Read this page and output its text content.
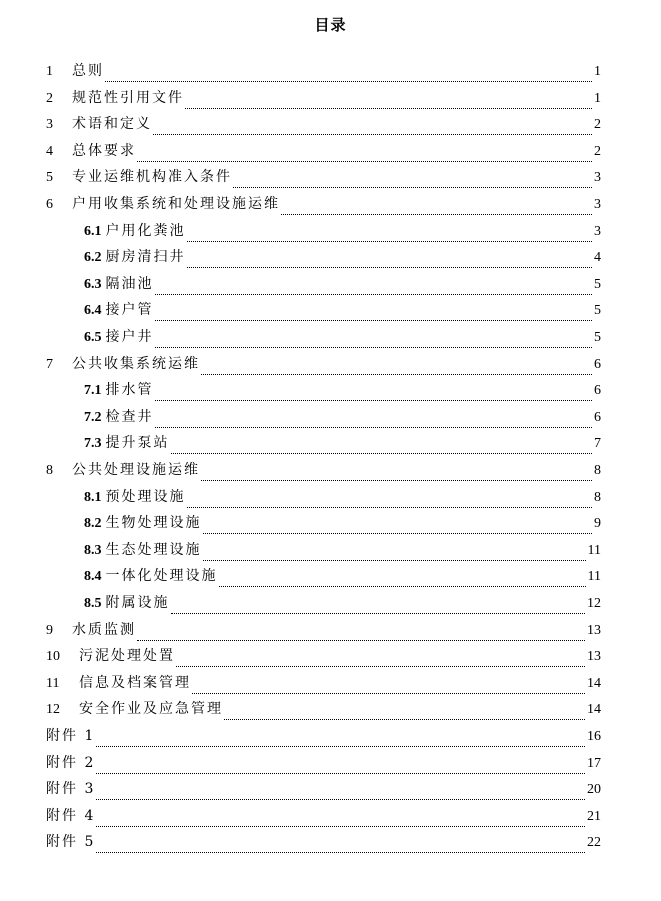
目录
1	总则	1
2	规范性引用文件	1
3	术语和定义	2
4	总体要求	2
5	专业运维机构准入条件	3
6	户用收集系统和处理设施运维	3
6.1 户用化粪池	3
6.2 厨房清扫井	4
6.3 隔油池	5
6.4 接户管	5
6.5 接户井	5
7	公共收集系统运维	6
7.1 排水管	6
7.2 检查井	6
7.3 提升泵站	7
8	公共处理设施运维	8
8.1 预处理设施	8
8.2 生物处理设施	9
8.3 生态处理设施	11
8.4 一体化处理设施	11
8.5 附属设施	12
9	水质监测	13
10	污泥处理处置	13
11	信息及档案管理	14
12	安全作业及应急管理	14
附件 1	16
附件 2	17
附件 3	20
附件 4	21
附件 5	22
